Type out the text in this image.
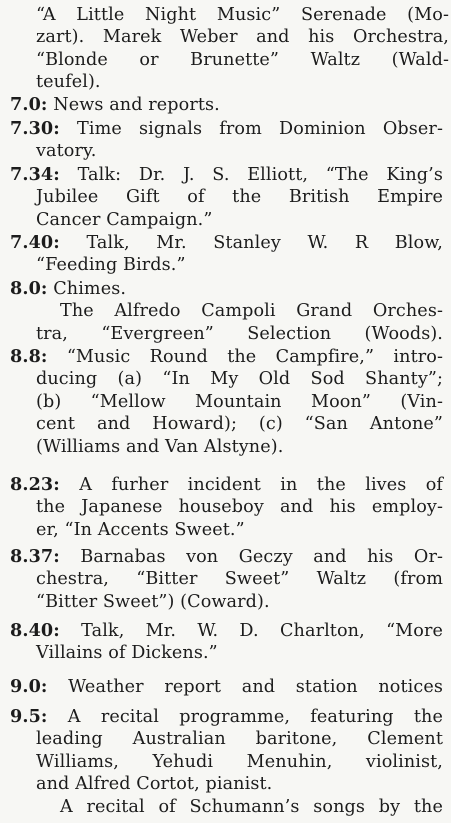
“A Little Night Music” Serenade (Mo-
zart). Marek Weber and his Orchestra,
“Blonde or Brunette” Waltz (Wald-
teufel).
7.0: News and reports.
7.30: Time signals from Dominion Obser-
vatory.
7.34: Talk: Dr. J. S. Elliott, “The King’s
Jubilee Gift of the British Empire
Cancer Campaign.”
7.40: Talk, Mr. Stanley W. R Blow,
“Feeding Birds.”
8.0: Chimes.
The Alfredo Campoli Grand Orches-
tra, “Evergreen” Selection (Woods).
8.8: “Music Round the Campfire,” intro-
ducing (a) “In My Old Sod Shanty”;
(b) “Mellow Mountain Moon” (Vin-
cent and Howard); (c) “San Antone”
(Williams and Van Alstyne).
8.23: A furher incident in the lives of
the Japanese houseboy and his employ-
er, “In Accents Sweet.”
8.37: Barnabas von Geczy and his Or-
chestra, “Bitter Sweet” Waltz (from
“Bitter Sweet”) (Coward).
8.40: Talk, Mr. W. D. Charlton, “More
Villains of Dickens.”
9.0: Weather report and station notices
9.5: A recital programme, featuring the
leading Australian baritone, Clement
Williams, Yehudi Menuhin, violinist,
and Alfred Cortot, pianist.
A recital of Schumann’s songs by the
